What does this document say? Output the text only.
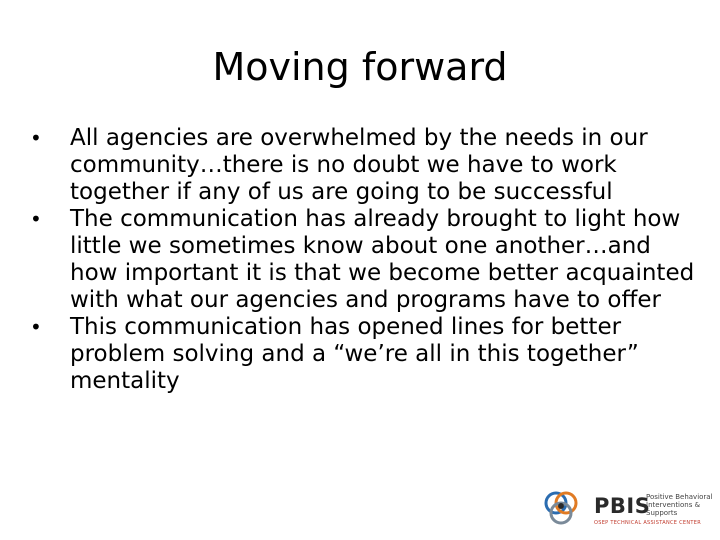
Moving forward
•	All agencies are overwhelmed by the needs in our community…there is no doubt we have to work together if any of us are going to be successful
•	The communication has already brought to light how little we sometimes know about one another…and how important it is that we become better acquainted with what our agencies and programs have to offer
•	This communication has opened lines for better problem solving and a “we’re all in this together” mentality
PBIS
Positive Behavioral
Interventions & Supports
OSEP TECHNICAL ASSISTANCE CENTER
